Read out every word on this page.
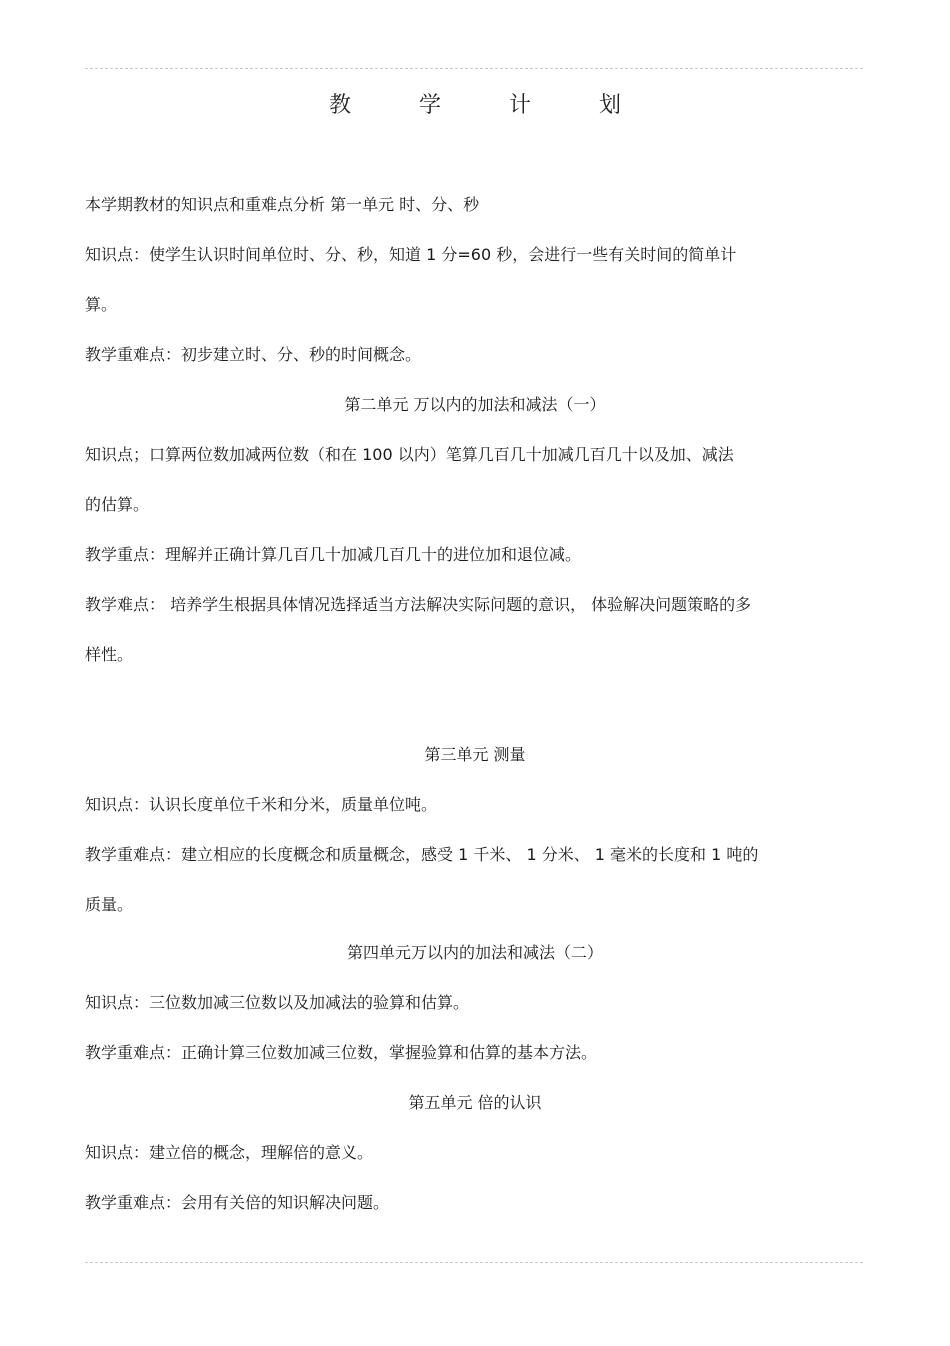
教	学	计	划
本学期教材的知识点和重难点分析 第一单元 时、分、秒
知识点：使学生认识时间单位时、分、秒，知道 1 分=60 秒，会进行一些有关时间的简单计
算。
教学重难点：初步建立时、分、秒的时间概念。
第二单元 万以内的加法和减法（一）
知识点；口算两位数加减两位数（和在 100 以内）笔算几百几十加减几百几十以及加、减法
的估算。
教学重点：理解并正确计算几百几十加减几百几十的进位加和退位减。
教学难点： 培养学生根据具体情况选择适当方法解决实际问题的意识， 体验解决问题策略的多
样性。
第三单元 测量
知识点：认识长度单位千米和分米，质量单位吨。
教学重难点：建立相应的长度概念和质量概念，感受 1 千米、 1 分米、 1 毫米的长度和 1 吨的
质量。
第四单元万以内的加法和减法（二）
知识点：三位数加减三位数以及加减法的验算和估算。
教学重难点：正确计算三位数加减三位数，掌握验算和估算的基本方法。
第五单元 倍的认识
知识点：建立倍的概念，理解倍的意义。
教学重难点：会用有关倍的知识解决问题。
